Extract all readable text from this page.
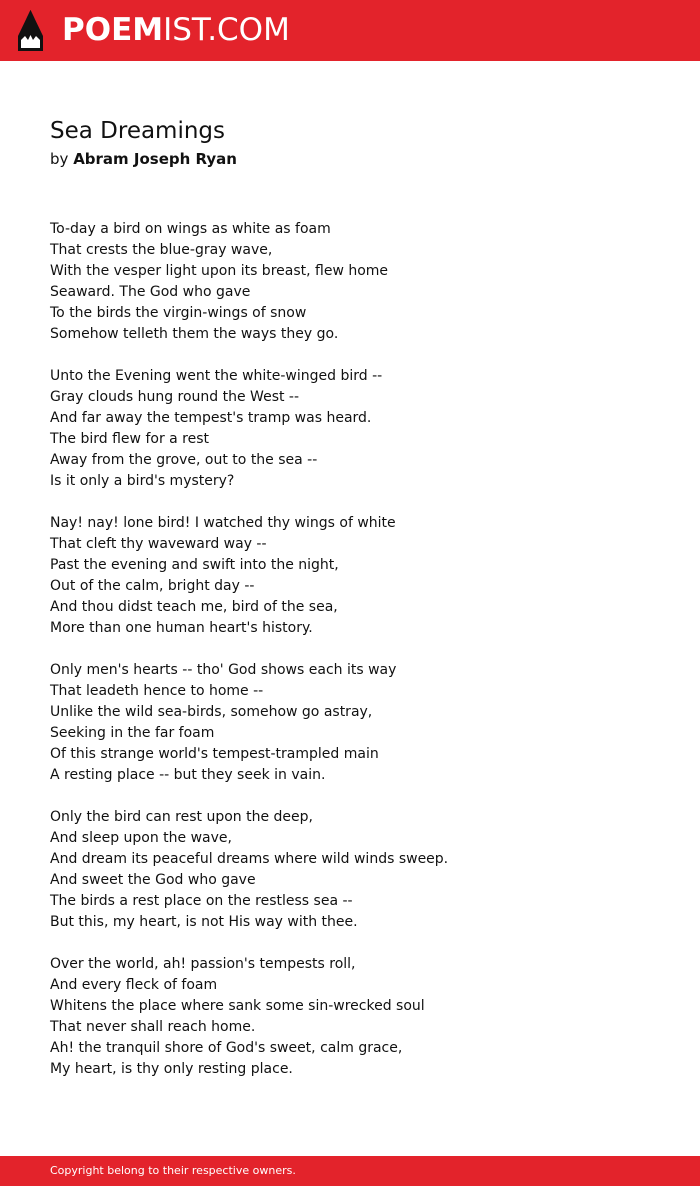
POEMIST.COM
Sea Dreamings
by Abram Joseph Ryan
To-day a bird on wings as white as foam
That crests the blue-gray wave,
With the vesper light upon its breast, flew home
Seaward. The God who gave
To the birds the virgin-wings of snow
Somehow telleth them the ways they go.
Unto the Evening went the white-winged bird --
Gray clouds hung round the West --
And far away the tempest's tramp was heard.
The bird flew for a rest
Away from the grove, out to the sea --
Is it only a bird's mystery?
Nay! nay! lone bird! I watched thy wings of white
That cleft thy waveward way --
Past the evening and swift into the night,
Out of the calm, bright day --
And thou didst teach me, bird of the sea,
More than one human heart's history.
Only men's hearts -- tho' God shows each its way
That leadeth hence to home --
Unlike the wild sea-birds, somehow go astray,
Seeking in the far foam
Of this strange world's tempest-trampled main
A resting place -- but they seek in vain.
Only the bird can rest upon the deep,
And sleep upon the wave,
And dream its peaceful dreams where wild winds sweep.
And sweet the God who gave
The birds a rest place on the restless sea --
But this, my heart, is not His way with thee.
Over the world, ah! passion's tempests roll,
And every fleck of foam
Whitens the place where sank some sin-wrecked soul
That never shall reach home.
Ah! the tranquil shore of God's sweet, calm grace,
My heart, is thy only resting place.
Copyright belong to their respective owners.
